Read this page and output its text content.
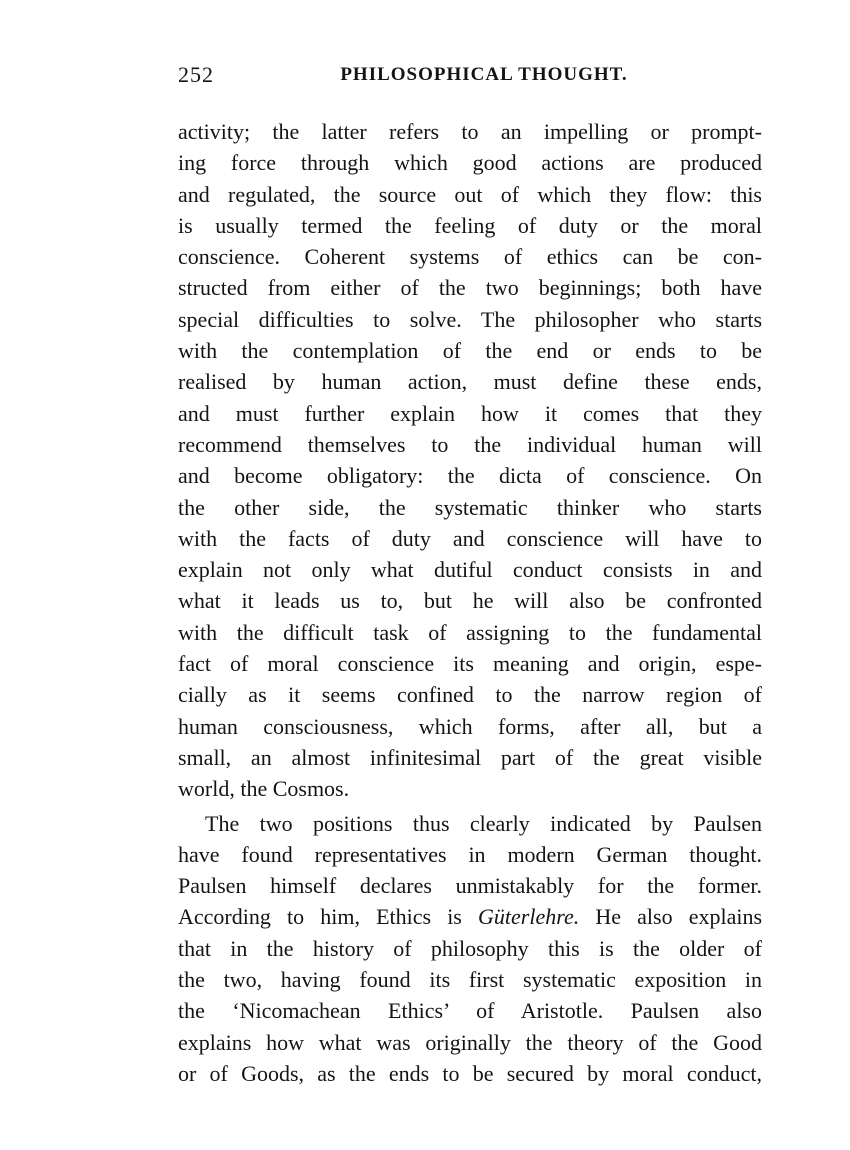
252	PHILOSOPHICAL THOUGHT.
activity; the latter refers to an impelling or prompt-
ing force through which good actions are produced
and regulated, the source out of which they flow: this
is usually termed the feeling of duty or the moral
conscience. Coherent systems of ethics can be con-
structed from either of the two beginnings; both have
special difficulties to solve. The philosopher who starts
with the contemplation of the end or ends to be
realised by human action, must define these ends,
and must further explain how it comes that they
recommend themselves to the individual human will
and become obligatory: the dicta of conscience. On
the other side, the systematic thinker who starts
with the facts of duty and conscience will have to
explain not only what dutiful conduct consists in and
what it leads us to, but he will also be confronted
with the difficult task of assigning to the fundamental
fact of moral conscience its meaning and origin, espe-
cially as it seems confined to the narrow region of
human consciousness, which forms, after all, but a
small, an almost infinitesimal part of the great visible
world, the Cosmos.
The two positions thus clearly indicated by Paulsen
have found representatives in modern German thought.
Paulsen himself declares unmistakably for the former.
According to him, Ethics is Güterlehre. He also explains
that in the history of philosophy this is the older of
the two, having found its first systematic exposition in
the ‘Nicomachean Ethics’ of Aristotle. Paulsen also
explains how what was originally the theory of the Good
or of Goods, as the ends to be secured by moral conduct,
